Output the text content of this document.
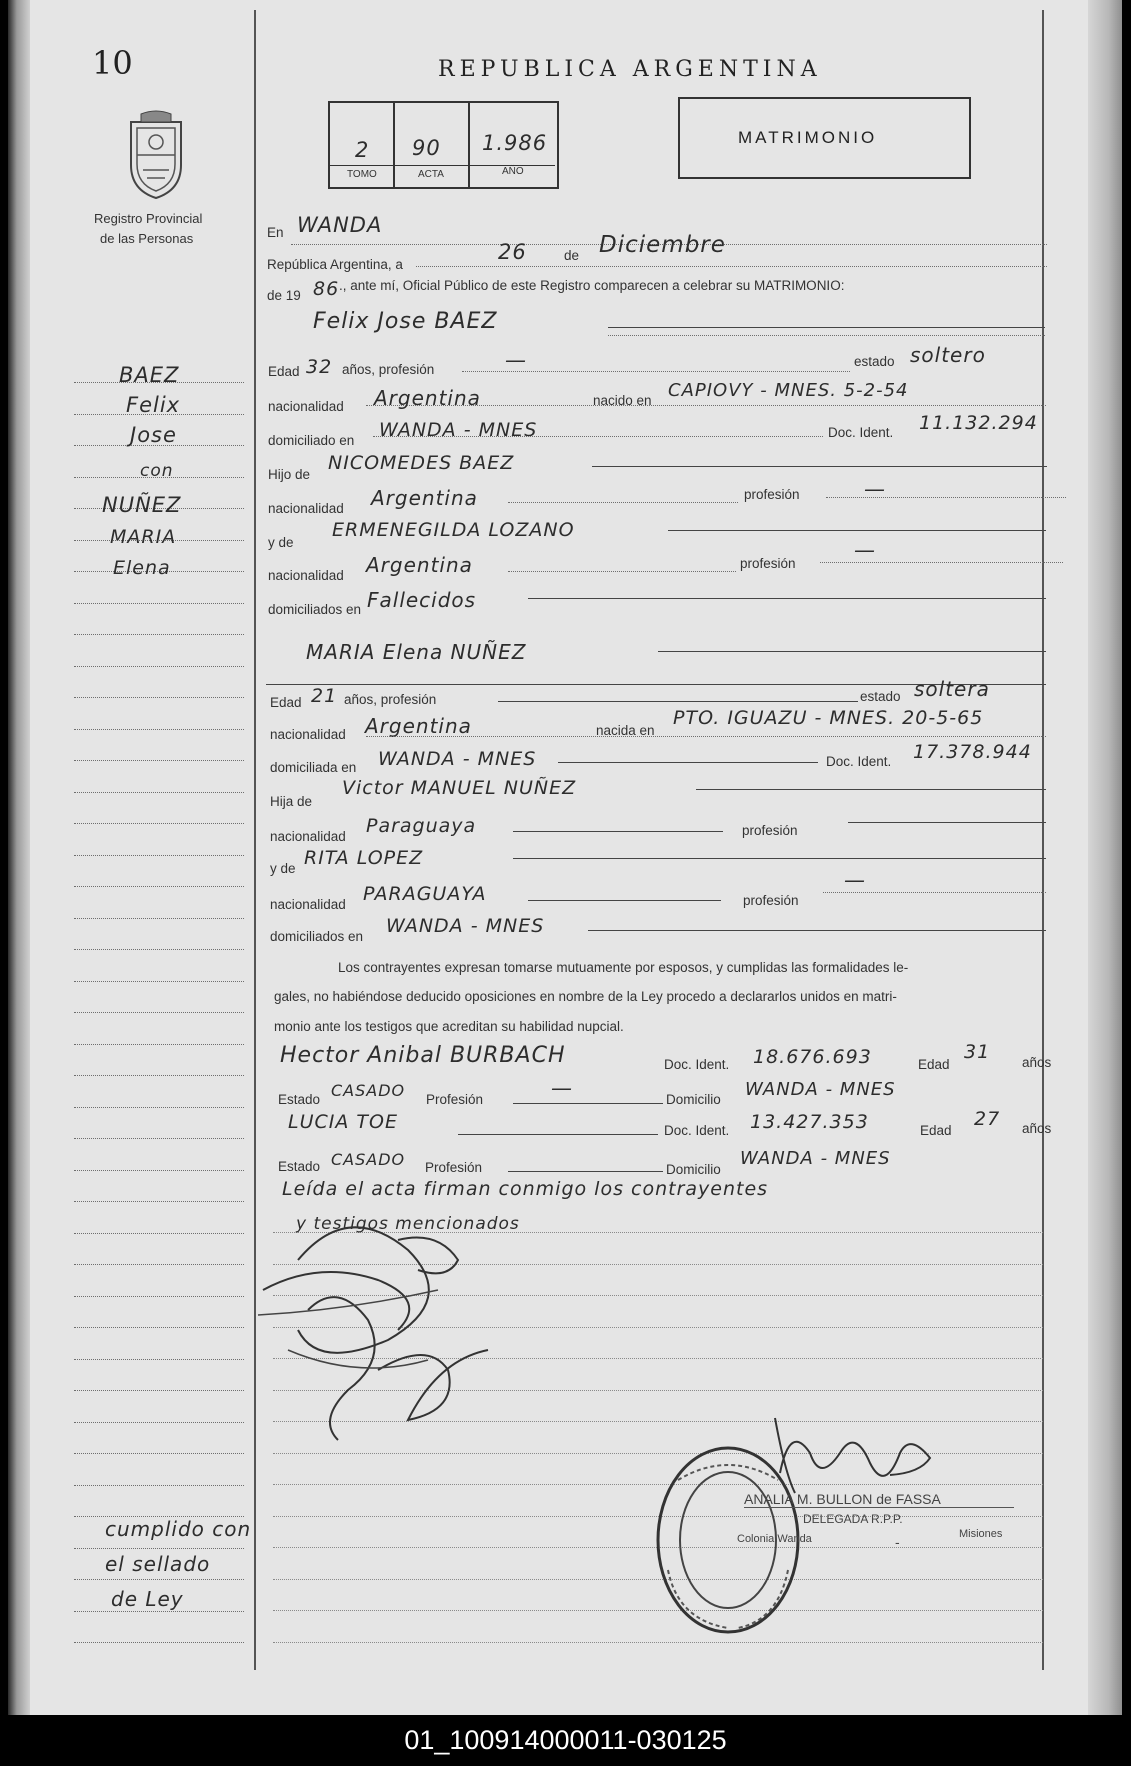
10
Registro Provincial
de las Personas
REPUBLICA ARGENTINA
2
TOMO
90
ACTA
1.986
AÑO
MATRIMONIO
BAEZ
Felix
Jose
con
NUÑEZ
MARIA
Elena
cumplido con
el sellado
de Ley
En WANDA
República Argentina, a
26	de Diciembre
de 19 86 ., ante mí, Oficial Público de este Registro comparecen a celebrar su MATRIMONIO:
Felix Jose BAEZ
Edad 32 años, profesión	—	estado soltero
nacionalidad Argentina	nacido en CAPIOVY - MNES. 5-2-54
domiciliado en WANDA - MNES	Doc. Ident. 11.132.294
Hijo de
NICOMEDES BAEZ
nacionalidad Argentina	profesión	—
y de
ERMENEGILDA LOZANO
nacionalidad Argentina	profesión
—
domiciliados en Fallecidos
MARIA Elena NUÑEZ
Edad 21 años, profesión	estado soltera
nacionalidad Argentina	nacida en
PTO. IGUAZU - MNES. 20-5-65
domiciliada en WANDA - MNES	Doc. Ident. 17.378.944
Hija de
Victor MANUEL NUÑEZ
nacionalidad Paraguaya	profesión
y de RITA LOPEZ
nacionalidad PARAGUAYA	profesión
—
domiciliados en WANDA - MNES
Los contrayentes expresan tomarse mutuamente por esposos, y cumplidas las formalidades le-
gales, no habiéndose deducido oposiciones en nombre de la Ley procedo a declararlos unidos en matri-
monio ante los testigos que acreditan su habilidad nupcial.
Hector Anibal BURBACH	Doc. Ident. 18.676.693	Edad
31 años
Estado CASADO Profesión	—	Domicilio WANDA - MNES
LUCIA TOE	Doc. Ident. 13.427.353	Edad
27 años
Estado CASADO Profesión	Domicilio
WANDA - MNES
Leída el acta firman conmigo los contrayentes
y testigos mencionados
ANALIA M. BULLON de FASSA
DELEGADA R.P.P.
Colonia Wanda	-	Misiones
01_100914000011-030125
